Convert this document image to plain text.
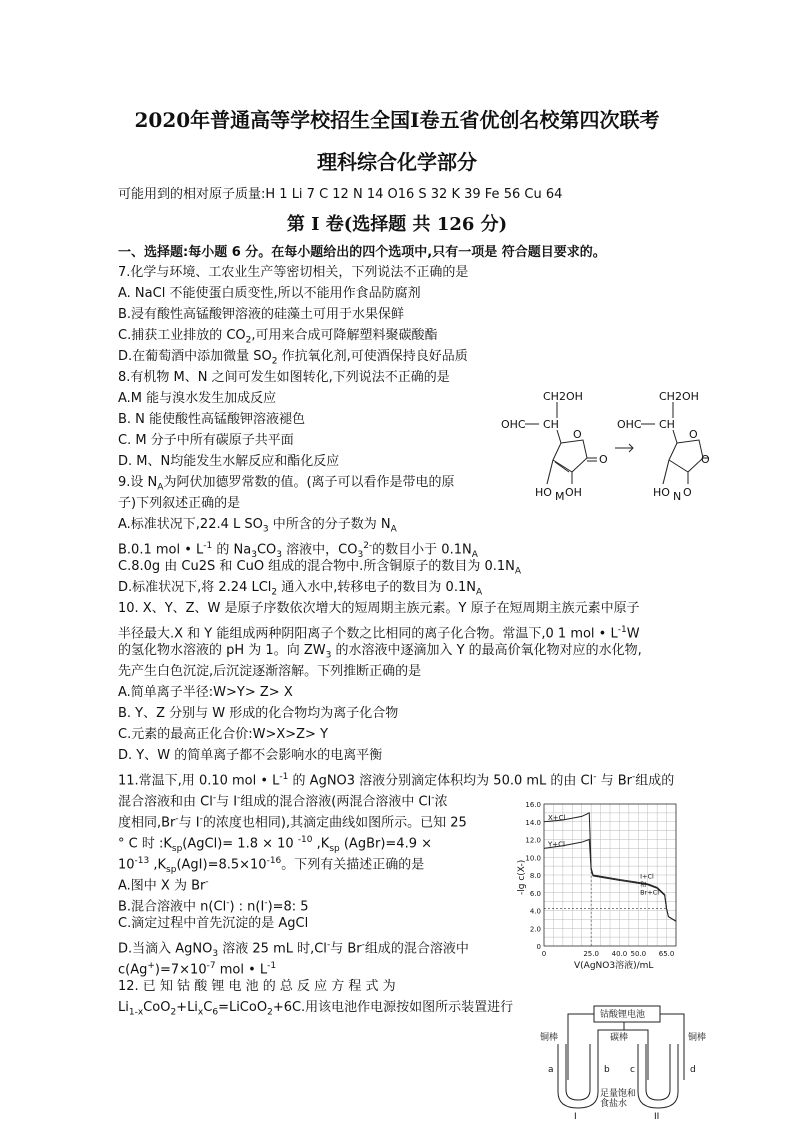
2020年普通高等学校招生全国I卷五省优创名校第四次联考
理科综合化学部分
可能用到的相对原子质量:H 1 Li 7 C 12 N 14 O16 S 32 K 39 Fe 56 Cu 64
第 I 卷(选择题 共 126 分)
一、选择题:每小题 6 分。在每小题给出的四个选项中,只有一项是 符合题目要求的。
7.化学与环境、工农业生产等密切相关，下列说法不正确的是
A. NaCl 不能使蛋白质变性,所以不能用作食品防腐剂
B.浸有酸性高锰酸钾溶液的硅藻土可用于水果保鲜
C.捕获工业排放的 $CO_2$,可用来合成可降解塑料聚碳酸酯
D.在葡萄酒中添加微量 $SO_2$ 作抗氧化剂,可使酒保持良好品质
8.有机物 M、N 之间可发生如图转化,下列说法不正确的是
A.M 能与溴水发生加成反应
B. N 能使酸性高锰酸钾溶液褪色
C. M 分子中所有碳原子共平面
D. M、N均能发生水解反应和酯化反应
CH2OH
OHC CH
O
O
HO OH
M
CH2OH
OHC CH
O
O
HO N
O
9.设 $N_A$为阿伏加德罗常数的值。(离子可以看作是带电的原
子)下列叙述正确的是
A.标准状况下,22.4 L $SO_3$ 中所含的分子数为 $N_A$
B.0.1 mol • $L^{-1}$ 的 $Na_3CO_3$ 溶液中，$CO_3^{2-}$的数目小于 $0.1N_A$
C.8.0g 由 Cu2S 和 CuO 组成的混合物中.所含铜原子的数目为 $0.1N_A$
D.标准状况下,将 2.24 LCl$_2$ 通入水中,转移电子的数目为 $0.1N_A$
10. X、Y、Z、W 是原子序数依次增大的短周期主族元素。Y 原子在短周期主族元素中原子
半径最大.X 和 Y 能组成两种阴阳离子个数之比相同的离子化合物。常温下,0 1 mol • $L^{-1}W$
的氢化物水溶液的 pH 为 1。向 $ZW_3$ 的水溶液中逐滴加入 Y 的最高价氧化物对应的水化物,
先产生白色沉淀,后沉淀逐渐溶解。下列推断正确的是
A.简单离子半径:W>Y> Z> X
B. Y、Z 分别与 W 形成的化合物均为离子化合物
C.元素的最高正化合价:W>X>Z> Y
D. Y、W 的简单离子都不会影响水的电离平衡
11.常温下,用 0.10 mol • $L^{-1}$ 的 AgNO3 溶液分别滴定体积均为 50.0 mL 的由 Cl- 与 Br-组成的
混合溶液和由 Cl-与 I-组成的混合溶液(两混合溶液中 Cl-浓
度相同,Br-与 I-的浓度也相同),其滴定曲线如图所示。已知 25
° C 时 $:K_{sp}(AgCl)= 1.8 \times 10$ $^{-10}$ $,K_{sp}$ (AgBr)=4.9 ×
$10^{-13}$ $,K_{sp}(AgI)=8.5\times 10^{-16}$。下列有关描述正确的是
A.图中 X 为 Br-
B.混合溶液中 n(Cl-) : n(I-)=8: 5
C.滴定过程中首先沉淀的是 AgCl
D.当滴入 AgNO$_3$ 溶液 25 mL 时,Cl-与 Br-组成的混合溶液中
$c(Ag^+)=7\times 10^{-7}$ mol • $L^{-1}$
-lg c(X-)
V(AgNO3溶液)/mL
0
2.0
4.0
6.0
8.0
10.0
12.0
14.0
16.0
0	25.0 40.0 50.0 65.0
X+Cl
Y+Cl
I+Cl
和
Br+Cl
12. 已 知 钴 酸 锂 电 池 的 总 反 应 方 程 式 为
$Li_{1-x}CoO_2+Li_xC_6=LiCoO_2+6C$.用该电池作电源按如图所示装置进行	钴酸锂电池
铜棒	碳棒	铜棒
a	b c	d
足量饱和
食盐水
I	II
